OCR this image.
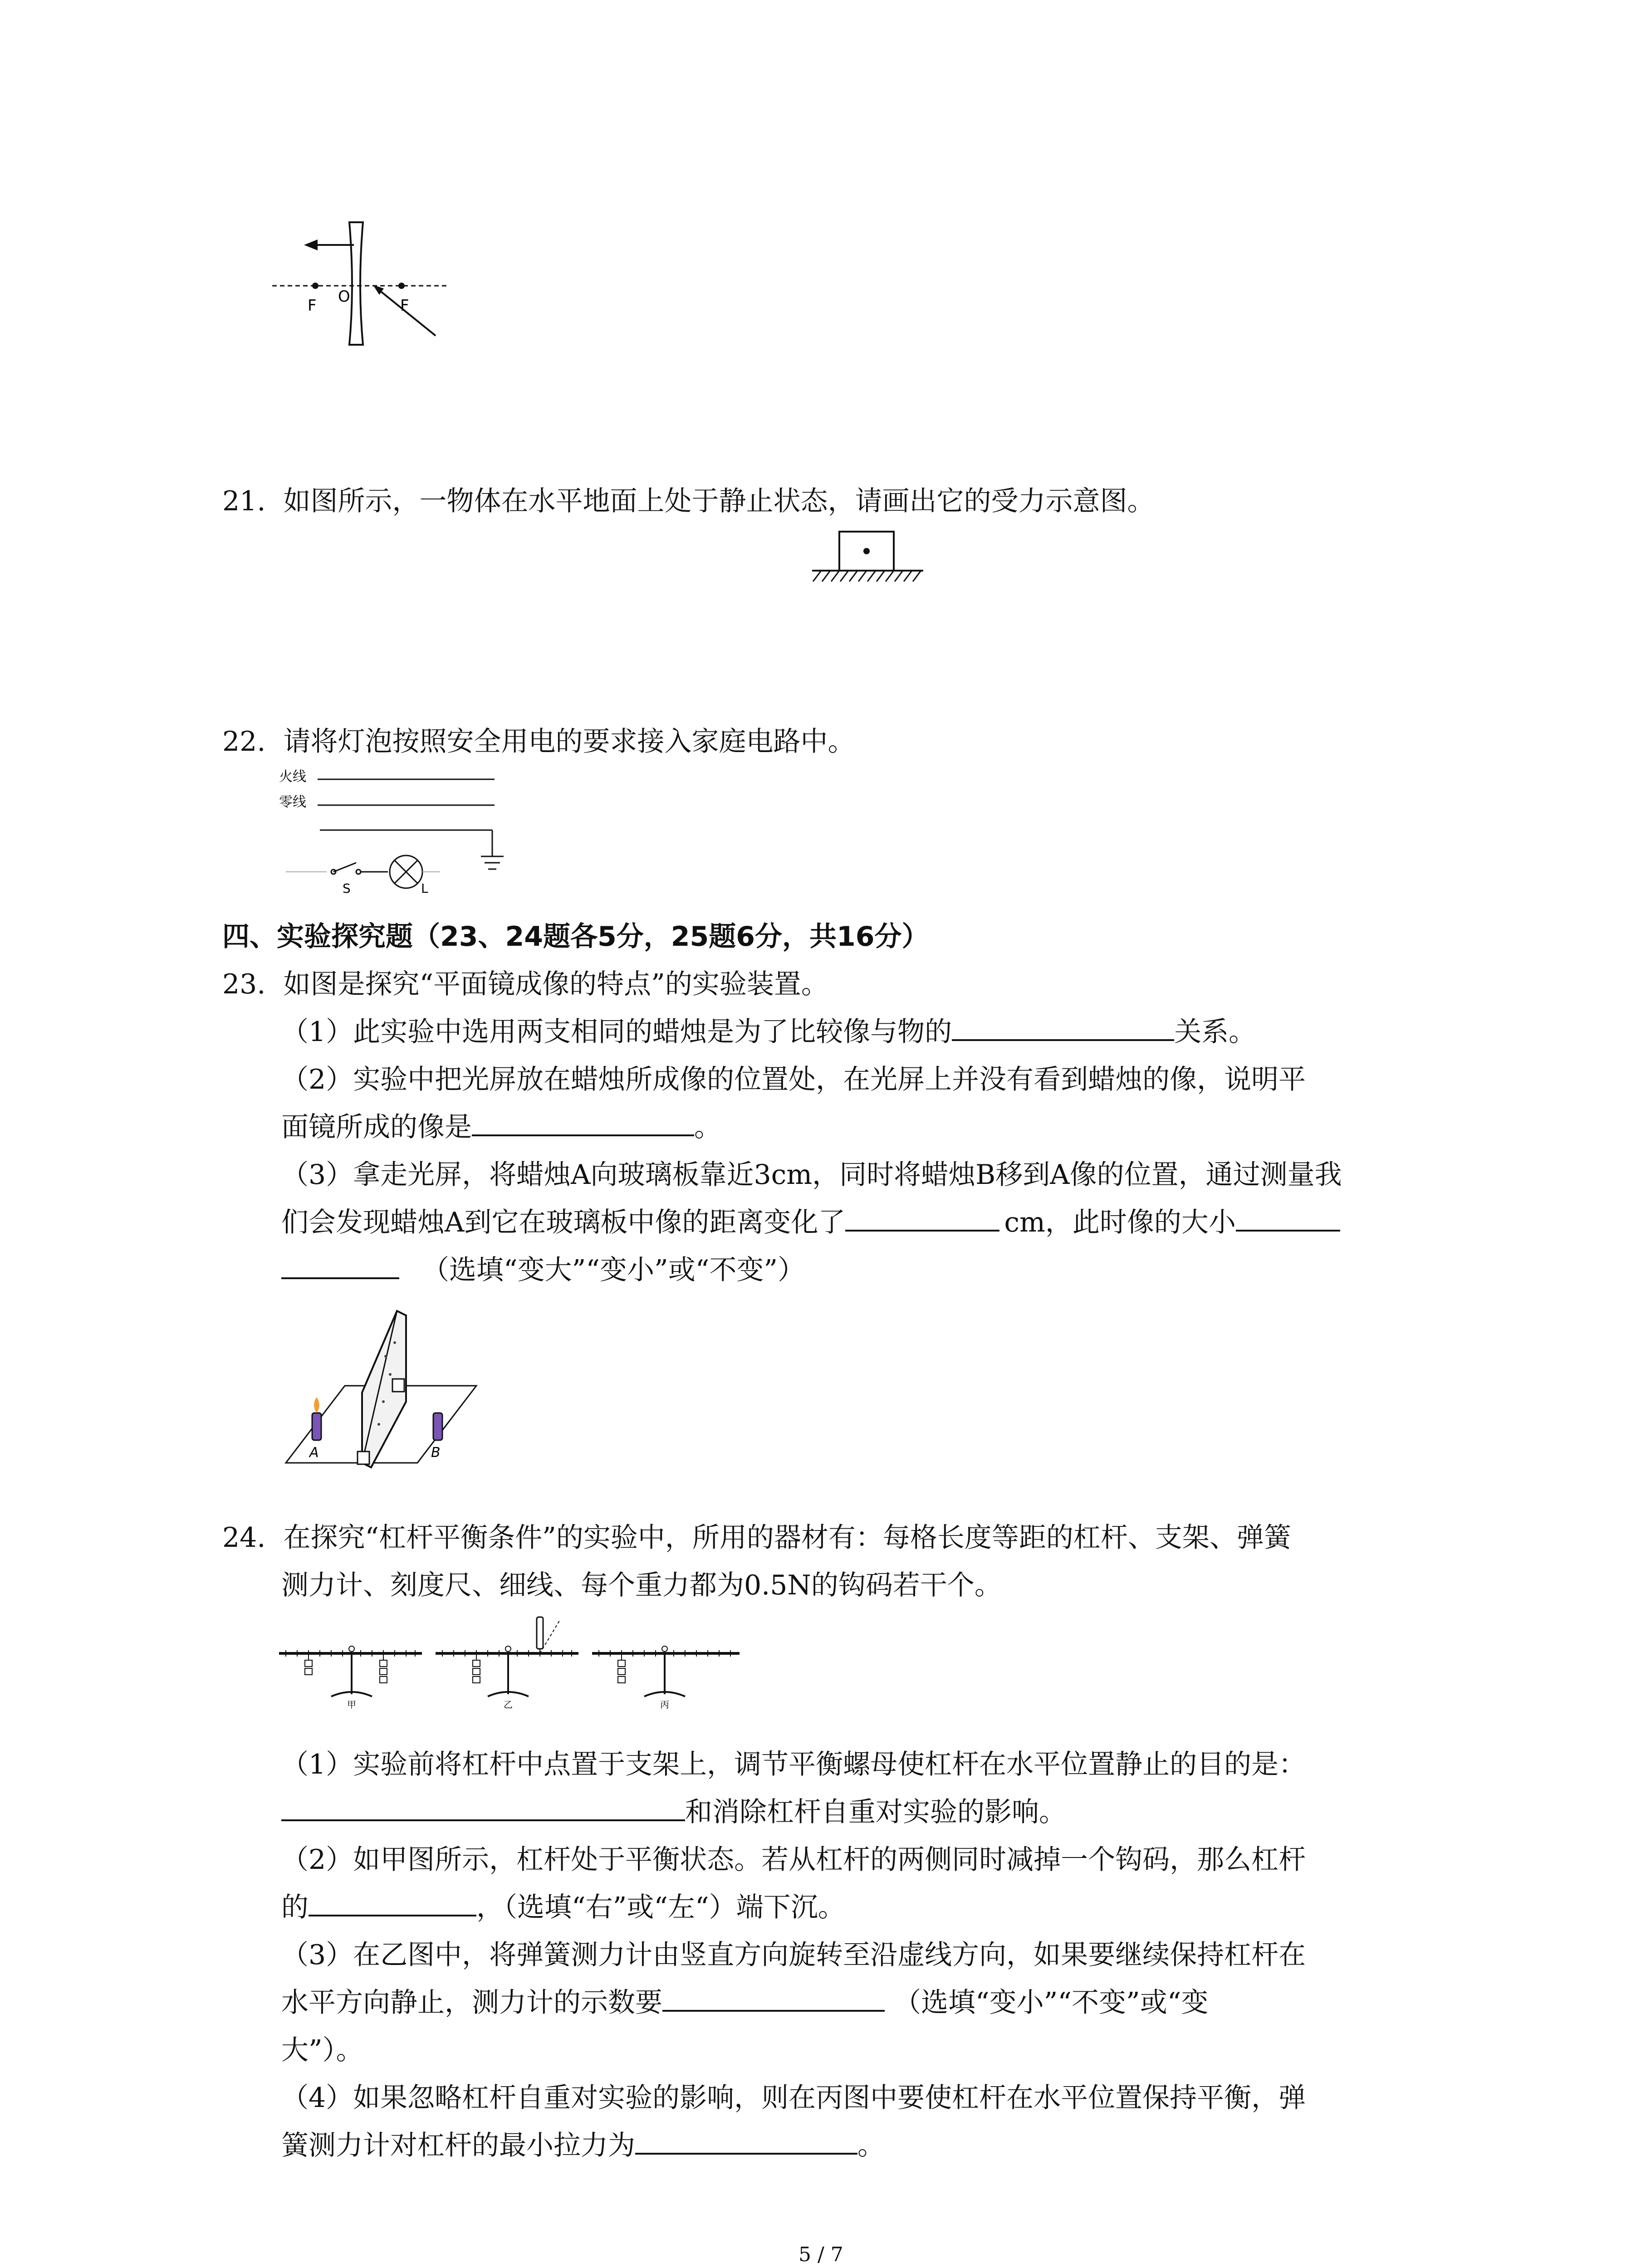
F O	F
21. 如图所示，一物体在水平地面上处于静止状态，请画出它的受力示意图。
22. 请将灯泡按照安全用电的要求接入家庭电路中。
火线
零线
S	L
四、实验探究题（23、24题各5分，25题6分，共16分）
23. 如图是探究“平面镜成像的特点”的实验装置。
（1）此实验中选用两支相同的蜡烛是为了比较像与物的	关系。
（2）实验中把光屏放在蜡烛所成像的位置处，在光屏上并没有看到蜡烛的像，说明平
面镜所成的像是	。
（3）拿走光屏，将蜡烛A向玻璃板靠近3cm，同时将蜡烛B移到A像的位置，通过测量我
们会发现蜡烛A到它在玻璃板中像的距离变化了	cm，此时像的大小
（选填“变大”“变小”或“不变”）
A	B
24. 在探究“杠杆平衡条件”的实验中，所用的器材有：每格长度等距的杠杆、支架、弹簧
测力计、刻度尺、细线、每个重力都为0.5N的钩码若干个。
甲	乙	丙
（1）实验前将杠杆中点置于支架上，调节平衡螺母使杠杆在水平位置静止的目的是：
和消除杠杆自重对实验的影响。
（2）如甲图所示，杠杆处于平衡状态。若从杠杆的两侧同时减掉一个钩码，那么杠杆
的	，（选填“右”或“左“）端下沉。
（3）在乙图中，将弹簧测力计由竖直方向旋转至沿虚线方向，如果要继续保持杠杆在
水平方向静止，测力计的示数要	（选填“变小”“不变”或“变
大”）。
（4）如果忽略杠杆自重对实验的影响，则在丙图中要使杠杆在水平位置保持平衡，弹
簧测力计对杠杆的最小拉力为	。
5 / 7
